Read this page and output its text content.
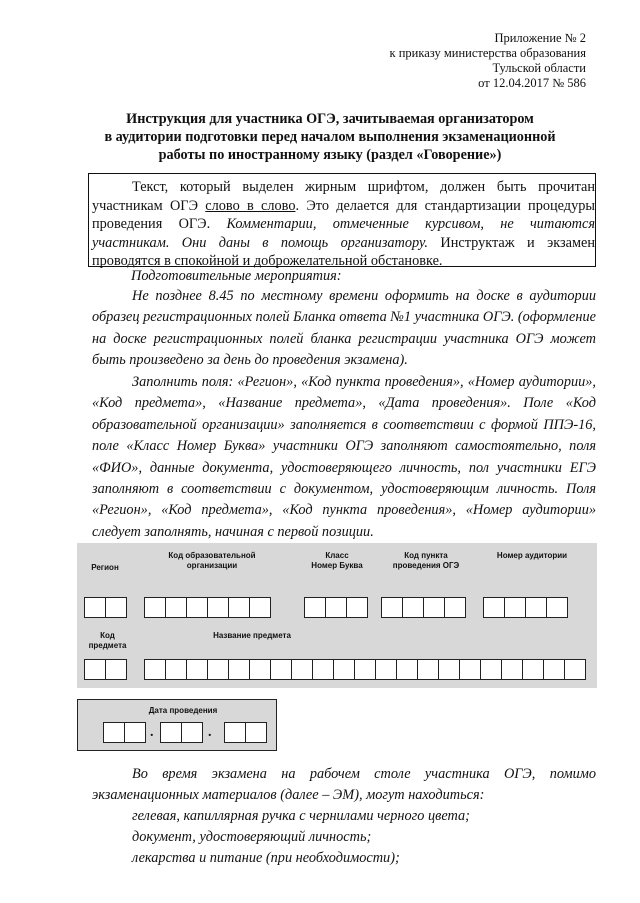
Приложение № 2
к приказу министерства образования
Тульской области
от 12.04.2017 № 586
Инструкция для участника ОГЭ, зачитываемая организатором
в аудитории подготовки перед началом выполнения экзаменационной
работы по иностранному языку (раздел «Говорение»)
Текст, который выделен жирным шрифтом, должен быть прочитан участникам ОГЭ слово в слово. Это делается для стандартизации процедуры проведения ОГЭ. Комментарии, отмеченные курсивом, не читаются участникам. Они даны в помощь организатору. Инструктаж и экзамен проводятся в спокойной и доброжелательной обстановке.
Подготовительные мероприятия:
Не позднее 8.45 по местному времени оформить на доске в аудитории образец регистрационных полей Бланка ответа №1 участника ОГЭ. (оформление на доске регистрационных полей бланка регистрации участника ОГЭ может быть произведено за день до проведения экзамена).
Заполнить поля: «Регион», «Код пункта проведения», «Номер аудитории», «Код предмета», «Название предмета», «Дата проведения». Поле «Код образовательной организации» заполняется в соответствии с формой ППЭ-16, поле «Класс Номер Буква» участники ОГЭ заполняют самостоятельно, поля «ФИО», данные документа, удостоверяющего личность, пол участники ЕГЭ заполняют в соответствии с документом, удостоверяющим личность. Поля «Регион», «Код предмета», «Код пункта проведения», «Номер аудитории» следует заполнять, начиная с первой позиции.
Регион
Код образовательной
организации
Класс
Номер Буква
Код пункта
проведения ОГЭ
Номер аудитории
Код
предмета
Название предмета
Дата проведения
.	.
Во время экзамена на рабочем столе участника ОГЭ, помимо экзаменационных материалов (далее – ЭМ), могут находиться:
гелевая, капиллярная ручка с чернилами черного цвета;
документ, удостоверяющий личность;
лекарства и питание (при необходимости);
